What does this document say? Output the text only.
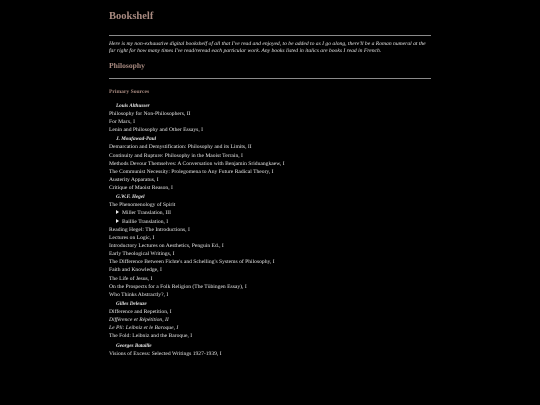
Bookshelf

Here is my non-exhaustive digital bookshelf of all that I've read and enjoyed, to be added to as I go along, there'll be a Roman numeral at the far right for how many times I've read/reread each particular work. Any books listed in italics are books I read in French.

Philosophy
Primary Sources
Louis Althusser
Philosophy for Non-Philosophers, II
For Marx, I
Lenin and Philosophy and Other Essays, I
J. Moufawad-Paul
Demarcation and Demystification: Philosophy and its Limits, II
Continuity and Rupture: Philosophy in the Maoist Terrain, I
Methods Devour Themselves: A Conversation with Benjamin Sriduangkaew, I
The Communist Necessity: Prolegomena to Any Future Radical Theory, I
Austerity Apparatus, I
Critique of Maoist Reason, I
G.W.F. Hegel
The Phenomenology of Spirit
Miller Translation, III
Baillie Translation, I
Reading Hegel: The Introductions, I
Lectures on Logic, I
Introductory Lectures on Aesthetics, Penguin Ed., I
Early Theological Writings, I
The Difference Between Fichte's and Schelling's Systems of Philosophy, I
Faith and Knowledge, I
The Life of Jesus, I
On the Prospects for a Folk Religion (The Tübingen Essay), I
Who Thinks Abstractly?, I
Gilles Deleuze
Difference and Repetition, I
Différence et Répétition, II
Le Pli: Leibniz et le Baroque, I
The Fold: Leibniz and the Baroque, I
Georges Bataille
Visions of Excess: Selected Writings 1927-1939, I
